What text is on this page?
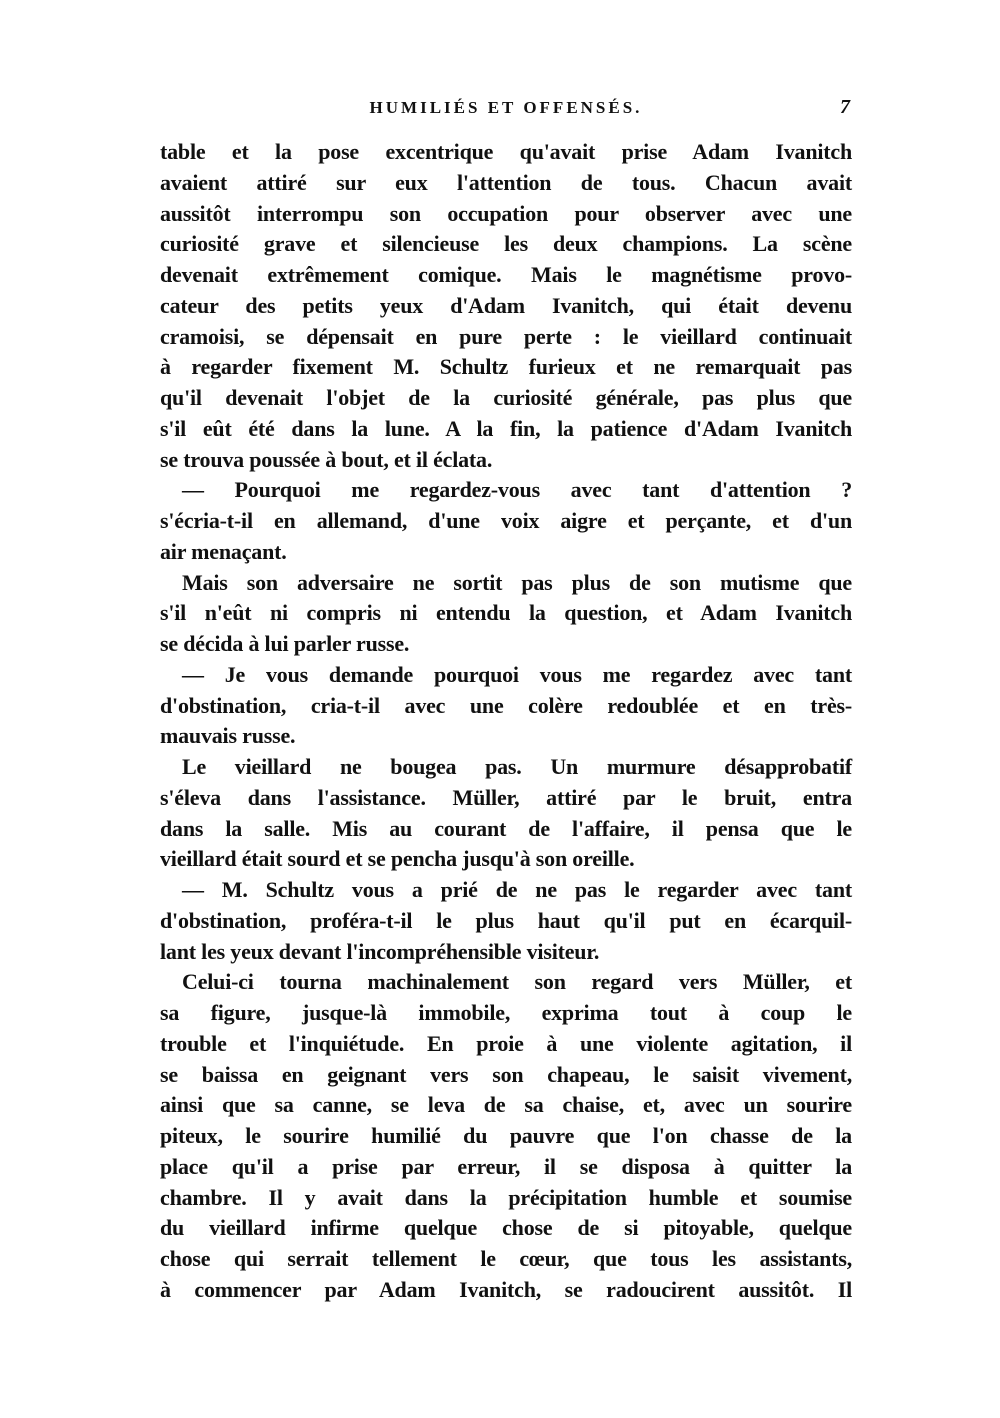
HUMILIÉS ET OFFENSÉS.	7
table et la pose excentrique qu'avait prise Adam Ivanitch
avaient attiré sur eux l'attention de tous. Chacun avait
aussitôt interrompu son occupation pour observer avec une
curiosité grave et silencieuse les deux champions. La scène
devenait extrêmement comique. Mais le magnétisme provo-
cateur des petits yeux d'Adam Ivanitch, qui était devenu
cramoisi, se dépensait en pure perte : le vieillard continuait
à regarder fixement M. Schultz furieux et ne remarquait pas
qu'il devenait l'objet de la curiosité générale, pas plus que
s'il eût été dans la lune. A la fin, la patience d'Adam Ivanitch
se trouva poussée à bout, et il éclata.
— Pourquoi me regardez-vous avec tant d'attention ?
s'écria-t-il en allemand, d'une voix aigre et perçante, et d'un
air menaçant.
Mais son adversaire ne sortit pas plus de son mutisme que
s'il n'eût ni compris ni entendu la question, et Adam Ivanitch
se décida à lui parler russe.
— Je vous demande pourquoi vous me regardez avec tant
d'obstination, cria-t-il avec une colère redoublée et en très-
mauvais russe.
Le vieillard ne bougea pas. Un murmure désapprobatif
s'éleva dans l'assistance. Müller, attiré par le bruit, entra
dans la salle. Mis au courant de l'affaire, il pensa que le
vieillard était sourd et se pencha jusqu'à son oreille.
— M. Schultz vous a prié de ne pas le regarder avec tant
d'obstination, proféra-t-il le plus haut qu'il put en écarquil-
lant les yeux devant l'incompréhensible visiteur.
Celui-ci tourna machinalement son regard vers Müller, et
sa figure, jusque-là immobile, exprima tout à coup le
trouble et l'inquiétude. En proie à une violente agitation, il
se baissa en geignant vers son chapeau, le saisit vivement,
ainsi que sa canne, se leva de sa chaise, et, avec un sourire
piteux, le sourire humilié du pauvre que l'on chasse de la
place qu'il a prise par erreur, il se disposa à quitter la
chambre. Il y avait dans la précipitation humble et soumise
du vieillard infirme quelque chose de si pitoyable, quelque
chose qui serrait tellement le cœur, que tous les assistants,
à commencer par Adam Ivanitch, se radoucirent aussitôt. Il
